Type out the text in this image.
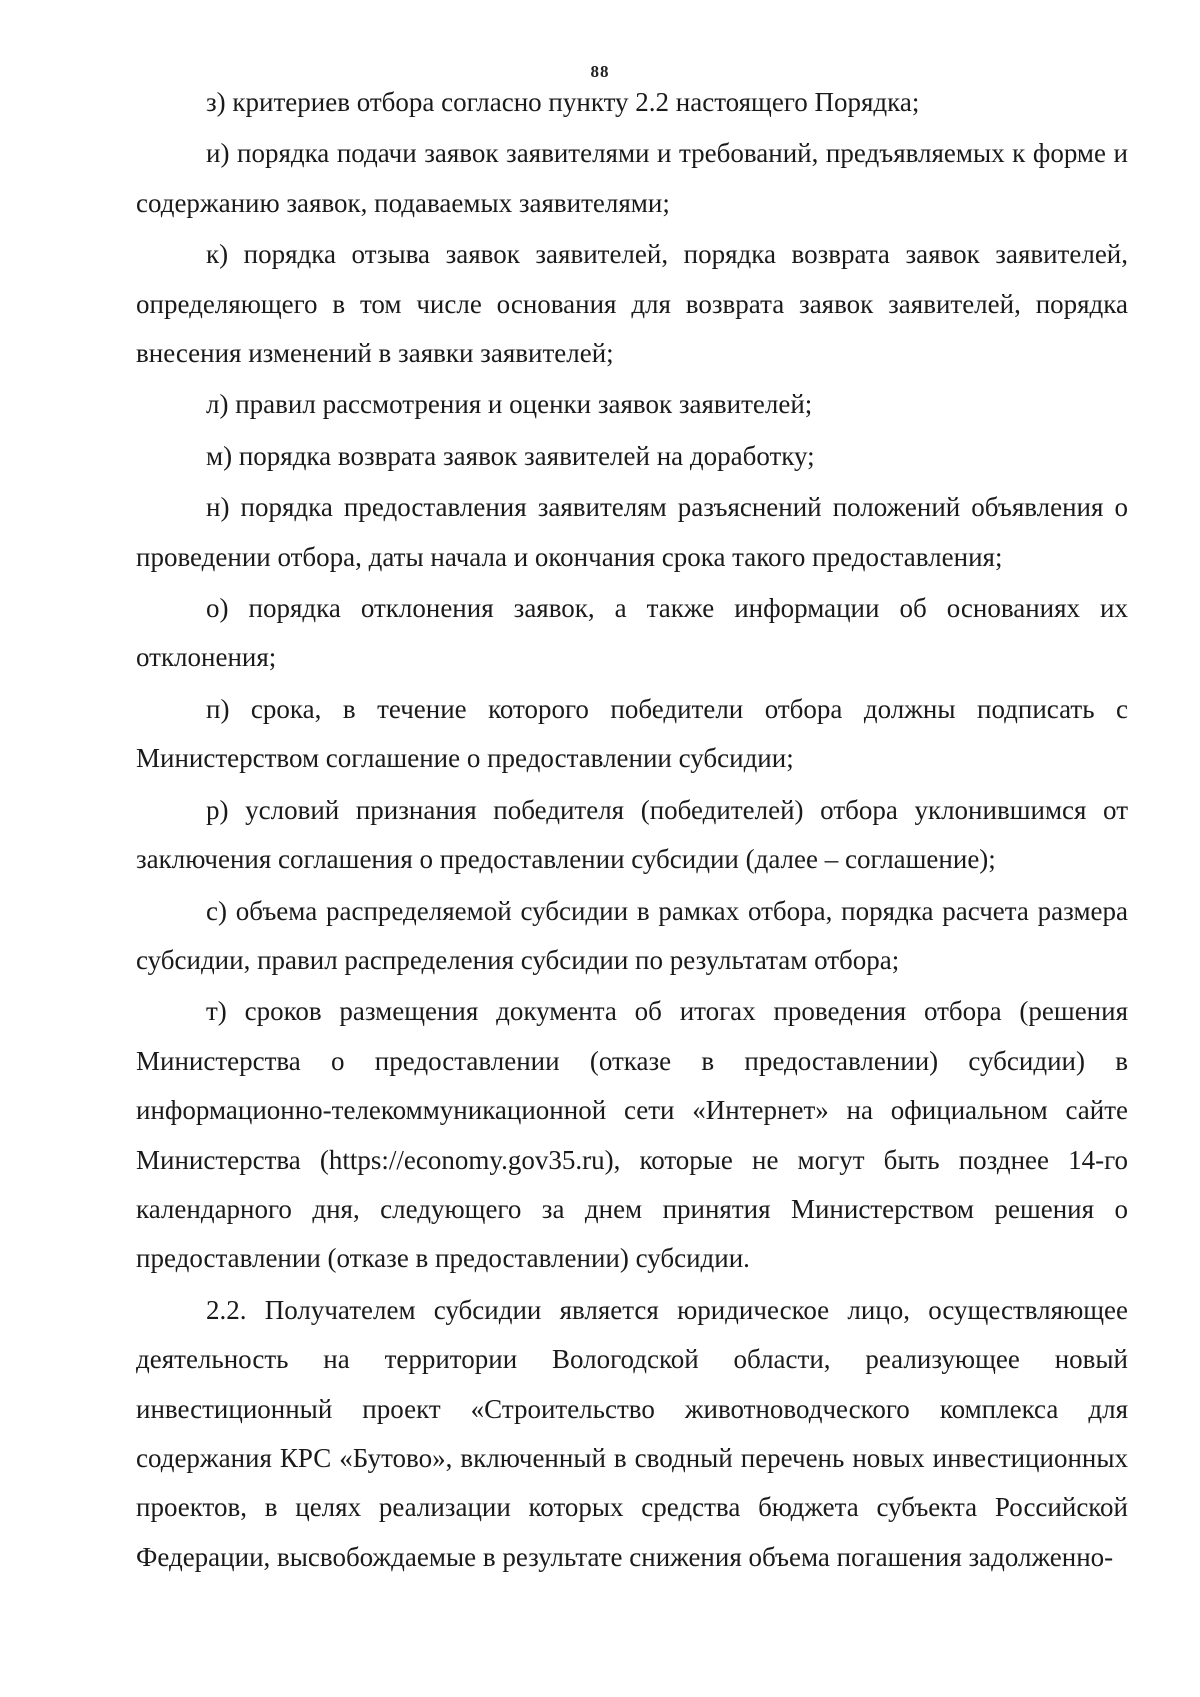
88

з) критериев отбора согласно пункту 2.2 настоящего Порядка;

и) порядка подачи заявок заявителями и требований, предъявляемых к форме и содержанию заявок, подаваемых заявителями;

к) порядка отзыва заявок заявителей, порядка возврата заявок заявителей, определяющего в том числе основания для возврата заявок заявителей, порядка внесения изменений в заявки заявителей;

л) правил рассмотрения и оценки заявок заявителей;

м) порядка возврата заявок заявителей на доработку;

н) порядка предоставления заявителям разъяснений положений объявления о проведении отбора, даты начала и окончания срока такого предоставления;

о) порядка отклонения заявок, а также информации об основаниях их отклонения;

п) срока, в течение которого победители отбора должны подписать с Министерством соглашение о предоставлении субсидии;

р) условий признания победителя (победителей) отбора уклонившимся от заключения соглашения о предоставлении субсидии (далее – соглашение);

с) объема распределяемой субсидии в рамках отбора, порядка расчета размера субсидии, правил распределения субсидии по результатам отбора;

т) сроков размещения документа об итогах проведения отбора (решения Министерства о предоставлении (отказе в предоставлении) субсидии) в информационно-телекоммуникационной сети «Интернет» на официальном сайте Министерства (https://economy.gov35.ru), которые не могут быть позднее 14-го календарного дня, следующего за днем принятия Министерством решения о предоставлении (отказе в предоставлении) субсидии.

2.2. Получателем субсидии является юридическое лицо, осуществляющее деятельность на территории Вологодской области, реализующее новый инвестиционный проект «Строительство животноводческого комплекса для содержания КРС «Бутово», включенный в сводный перечень новых инвестиционных проектов, в целях реализации которых средства бюджета субъекта Российской Федерации, высвобождаемые в результате снижения объема погашения задолженно-
